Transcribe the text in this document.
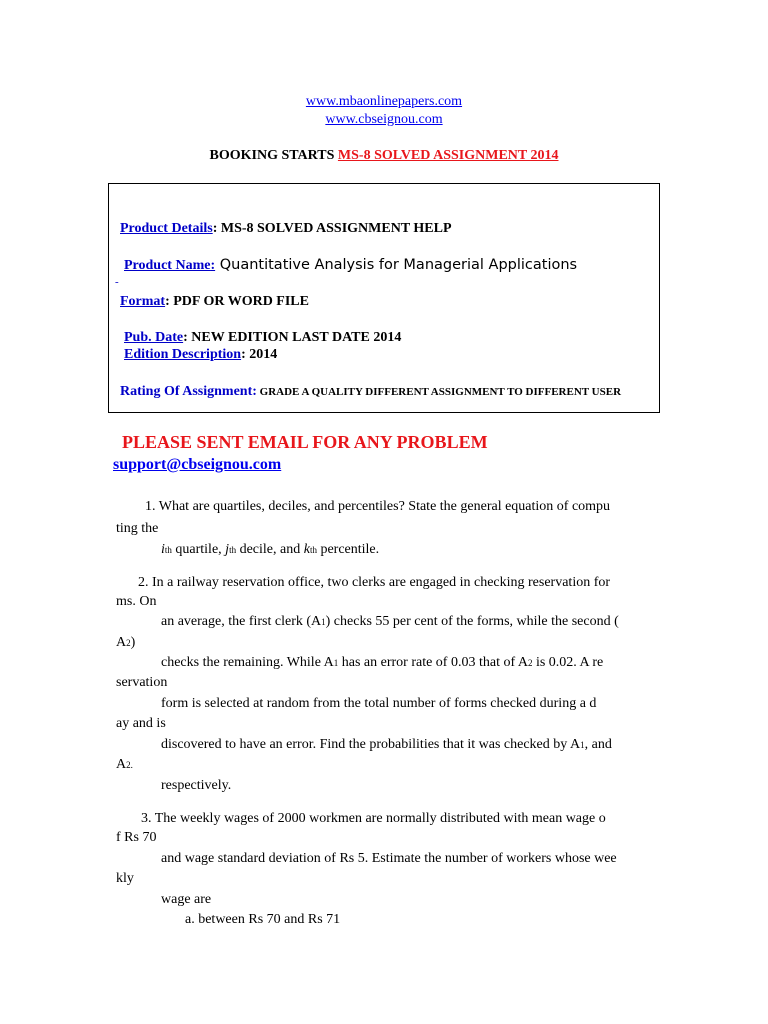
www.mbaonlinepapers.com
www.cbseignou.com
BOOKING STARTS MS-8 SOLVED ASSIGNMENT 2014
Product Details: MS-8 SOLVED ASSIGNMENT HELP
Product Name: Quantitative Analysis for Managerial Applications
-
Format: PDF OR WORD FILE
Pub. Date: NEW EDITION LAST DATE 2014
Edition Description: 2014
Rating Of Assignment: GRADE A QUALITY DIFFERENT ASSIGNMENT TO DIFFERENT USER
PLEASE SENT EMAIL FOR ANY PROBLEM
support@cbseignou.com
1. What are quartiles, deciles, and percentiles? State the general equation of compu
ting the
ith quartile, jth decile, and kth percentile.
2. In a railway reservation office, two clerks are engaged in checking reservation for
ms. On
an average, the first clerk (A1) checks 55 per cent of the forms, while the second (
A2)
checks the remaining. While A1 has an error rate of 0.03 that of A2 is 0.02. A re
servation
form is selected at random from the total number of forms checked during a d
ay and is
discovered to have an error. Find the probabilities that it was checked by A1, and
A2.
respectively.
3. The weekly wages of 2000 workmen are normally distributed with mean wage o
f Rs 70
and wage standard deviation of Rs 5. Estimate the number of workers whose wee
kly
wage are
a. between Rs 70 and Rs 71
